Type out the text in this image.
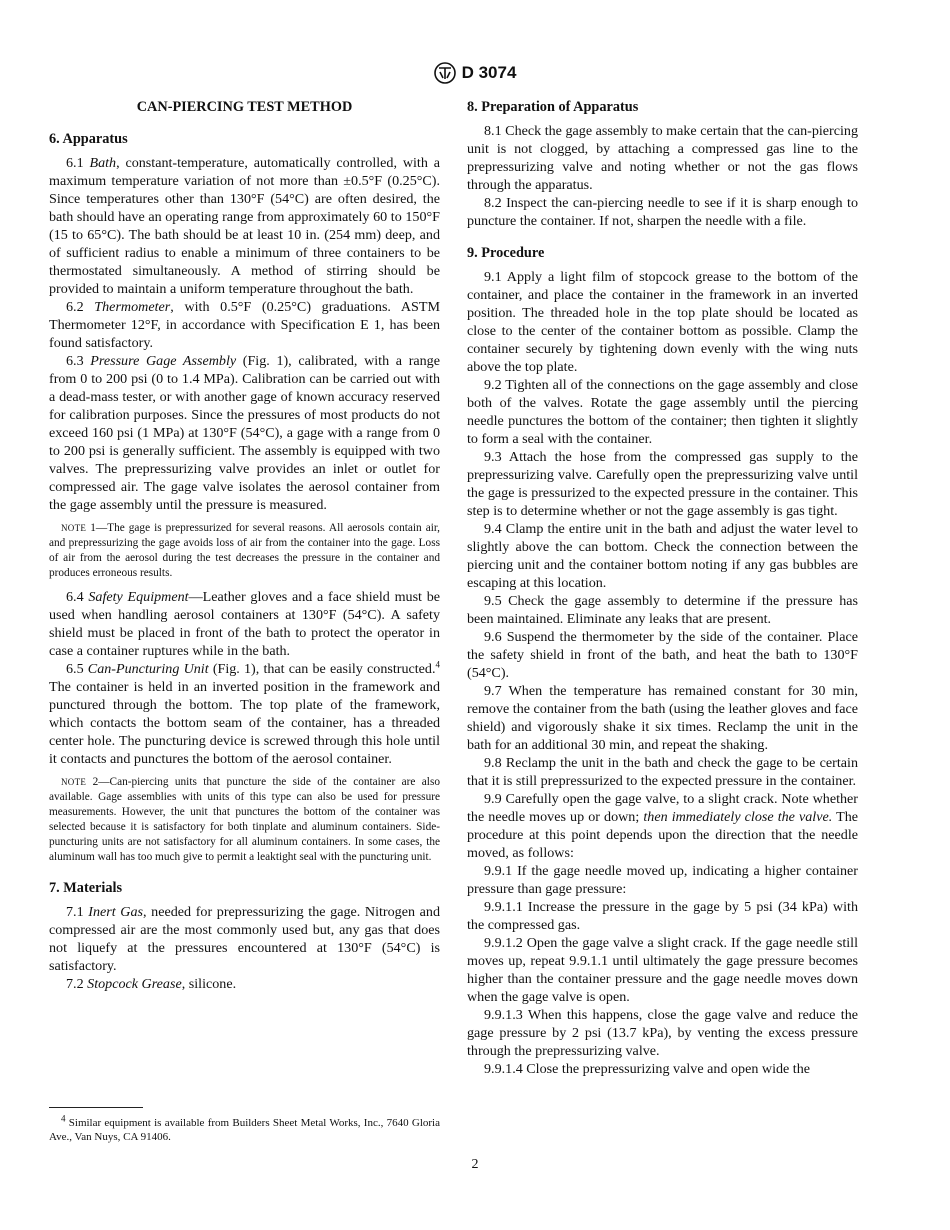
D 3074
CAN-PIERCING TEST METHOD
6. Apparatus

6.1 Bath, constant-temperature, automatically controlled, with a maximum temperature variation of not more than ±0.5°F (0.25°C). Since temperatures other than 130°F (54°C) are often desired, the bath should have an operating range from approximately 60 to 150°F (15 to 65°C). The bath should be at least 10 in. (254 mm) deep, and of sufficient radius to enable a minimum of three containers to be thermostated simultaneously. A method of stirring should be provided to maintain a uniform temperature throughout the bath.

6.2 Thermometer, with 0.5°F (0.25°C) graduations. ASTM Thermometer 12°F, in accordance with Specification E 1, has been found satisfactory.

6.3 Pressure Gage Assembly (Fig. 1), calibrated, with a range from 0 to 200 psi (0 to 1.4 MPa). Calibration can be carried out with a dead-mass tester, or with another gage of known accuracy reserved for calibration purposes. Since the pressures of most products do not exceed 160 psi (1 MPa) at 130°F (54°C), a gage with a range from 0 to 200 psi is generally sufficient. The assembly is equipped with two valves. The prepressurizing valve provides an inlet or outlet for compressed air. The gage valve isolates the aerosol container from the gage assembly until the pressure is measured.

NOTE 1—The gage is prepressurized for several reasons. All aerosols contain air, and prepressurizing the gage avoids loss of air from the container into the gage. Loss of air from the aerosol during the test decreases the pressure in the container and produces erroneous results.

6.4 Safety Equipment—Leather gloves and a face shield must be used when handling aerosol containers at 130°F (54°C). A safety shield must be placed in front of the bath to protect the operator in case a container ruptures while in the bath.

6.5 Can-Puncturing Unit (Fig. 1), that can be easily constructed.$^4$ The container is held in an inverted position in the framework and punctured through the bottom. The top plate of the framework, which contacts the bottom seam of the container, has a threaded center hole. The puncturing device is screwed through this hole until it contacts and punctures the bottom of the aerosol container.

NOTE 2—Can-piercing units that puncture the side of the container are also available. Gage assemblies with units of this type can also be used for pressure measurements. However, the unit that punctures the bottom of the container was selected because it is satisfactory for both tinplate and aluminum containers. Side-puncturing units are not satisfactory for all aluminum containers. In some cases, the aluminum wall has too much give to permit a leaktight seal with the puncturing unit.

7. Materials

7.1 Inert Gas, needed for prepressurizing the gage. Nitrogen and compressed air are the most commonly used but, any gas that does not liquefy at the pressures encountered at 130°F (54°C) is satisfactory.

7.2 Stopcock Grease, silicone.

8. Preparation of Apparatus

8.1 Check the gage assembly to make certain that the can-piercing unit is not clogged, by attaching a compressed gas line to the prepressurizing valve and noting whether or not the gas flows through the apparatus.

8.2 Inspect the can-piercing needle to see if it is sharp enough to puncture the container. If not, sharpen the needle with a file.

9. Procedure

9.1 Apply a light film of stopcock grease to the bottom of the container, and place the container in the framework in an inverted position. The threaded hole in the top plate should be located as close to the center of the container bottom as possible. Clamp the container securely by tightening down evenly with the wing nuts above the top plate.

9.2 Tighten all of the connections on the gage assembly and close both of the valves. Rotate the gage assembly until the piercing needle punctures the bottom of the container; then tighten it slightly to form a seal with the container.

9.3 Attach the hose from the compressed gas supply to the prepressurizing valve. Carefully open the prepressurizing valve until the gage is pressurized to the expected pressure in the container. This step is to determine whether or not the gage assembly is gas tight.

9.4 Clamp the entire unit in the bath and adjust the water level to slightly above the can bottom. Check the connection between the piercing unit and the container bottom noting if any gas bubbles are escaping at this location.

9.5 Check the gage assembly to determine if the pressure has been maintained. Eliminate any leaks that are present.

9.6 Suspend the thermometer by the side of the container. Place the safety shield in front of the bath, and heat the bath to 130°F (54°C).

9.7 When the temperature has remained constant for 30 min, remove the container from the bath (using the leather gloves and face shield) and vigorously shake it six times. Reclamp the unit in the bath for an additional 30 min, and repeat the shaking.

9.8 Reclamp the unit in the bath and check the gage to be certain that it is still prepressurized to the expected pressure in the container.

9.9 Carefully open the gage valve, to a slight crack. Note whether the needle moves up or down; then immediately close the valve. The procedure at this point depends upon the direction that the needle moved, as follows:

9.9.1 If the gage needle moved up, indicating a higher container pressure than gage pressure:

9.9.1.1 Increase the pressure in the gage by 5 psi (34 kPa) with the compressed gas.

9.9.1.2 Open the gage valve a slight crack. If the gage needle still moves up, repeat 9.9.1.1 until ultimately the gage pressure becomes higher than the container pressure and the gage needle moves down when the gage valve is open.

9.9.1.3 When this happens, close the gage valve and reduce the gage pressure by 2 psi (13.7 kPa), by venting the excess pressure through the prepressurizing valve.

9.9.1.4 Close the prepressurizing valve and open wide the

$^4$ Similar equipment is available from Builders Sheet Metal Works, Inc., 7640 Gloria Ave., Van Nuys, CA 91406.
2
